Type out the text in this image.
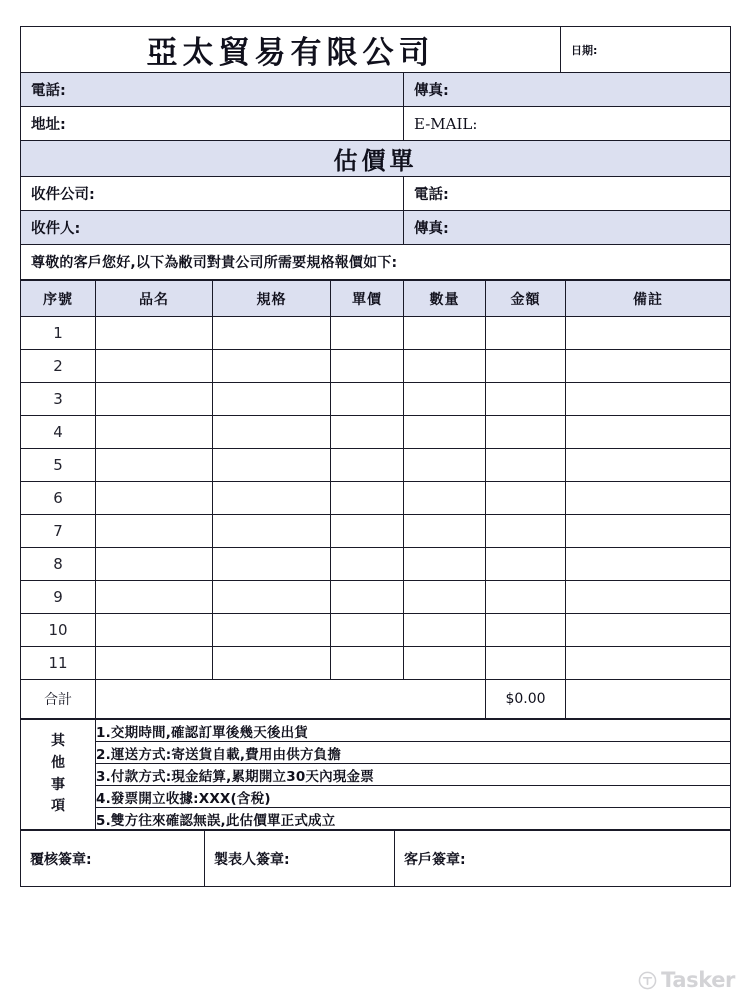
亞太貿易有限公司		日期:

電話:	傳真:	

地址:	E-MAIL:	

估價單		

收件公司:	電話:	

收件人:	傳真:	

尊敬的客戶您好,以下為敝司對貴公司所需要規格報價如下:		
序號	品名	規格	單價	數量	金額	備註
1						
2						
3						
4						
5						
6						
7						
8						
9						
10						
11						
合計					$0.00	
其
他
事
項
	1.交期時間,確認訂單後幾天後出貨
2.運送方式:寄送貨自載,費用由供方負擔
3.付款方式:現金結算,累期開立30天內現金票
4.發票開立收據:XXX(含稅)
5.雙方往來確認無誤,此估價單正式成立
覆核簽章:	製表人簽章:	客戶簽章:
Tasker
